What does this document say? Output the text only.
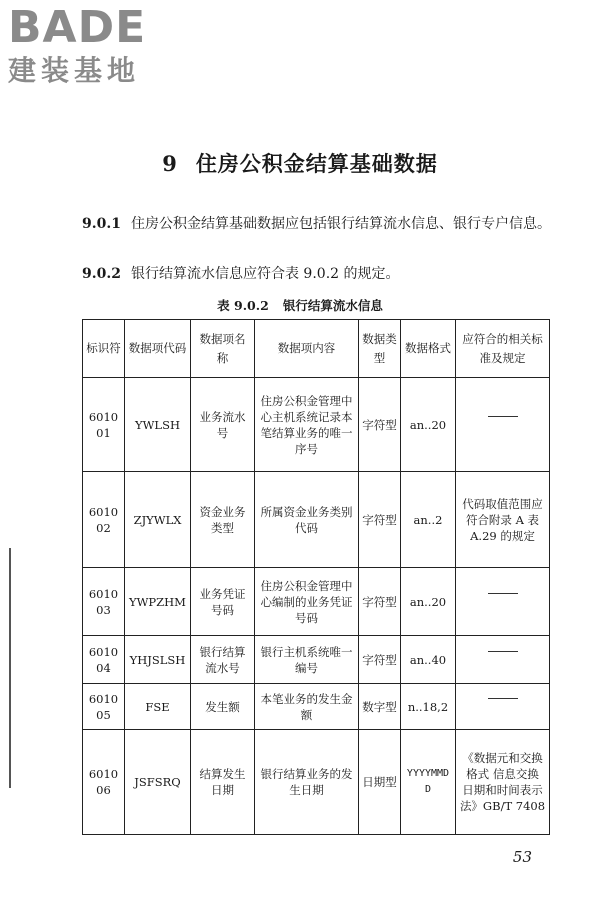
BADE
建装基地
9 住房公积金结算基础数据
9.0.1 住房公积金结算基础数据应包括银行结算流水信息、银行专户信息。
9.0.2 银行结算流水信息应符合表 9.0.2 的规定。
表 9.0.2 银行结算流水信息
标识符	数据项代码	数据项名称	数据项内容	数据类型	数据格式	应符合的相关标准及规定
601001	YWLSH	业务流水号	住房公积金管理中心主机系统记录本笔结算业务的唯一序号	字符型	an..20	
601002	ZJYWLX	资金业务类型	所属资金业务类别代码	字符型	an..2	代码取值范围应符合附录 A 表 A.29 的规定
601003	YWPZHM	业务凭证号码	住房公积金管理中心编制的业务凭证号码	字符型	an..20	
601004	YHJSLSH	银行结算流水号	银行主机系统唯一编号	字符型	an..40	
601005	FSE	发生额	本笔业务的发生金额	数字型	n..18,2	
601006	JSFSRQ	结算发生日期	银行结算业务的发生日期	日期型	YYYYMMDD	《数据元和交换格式 信息交换 日期和时间表示法》GB/T 7408
53
